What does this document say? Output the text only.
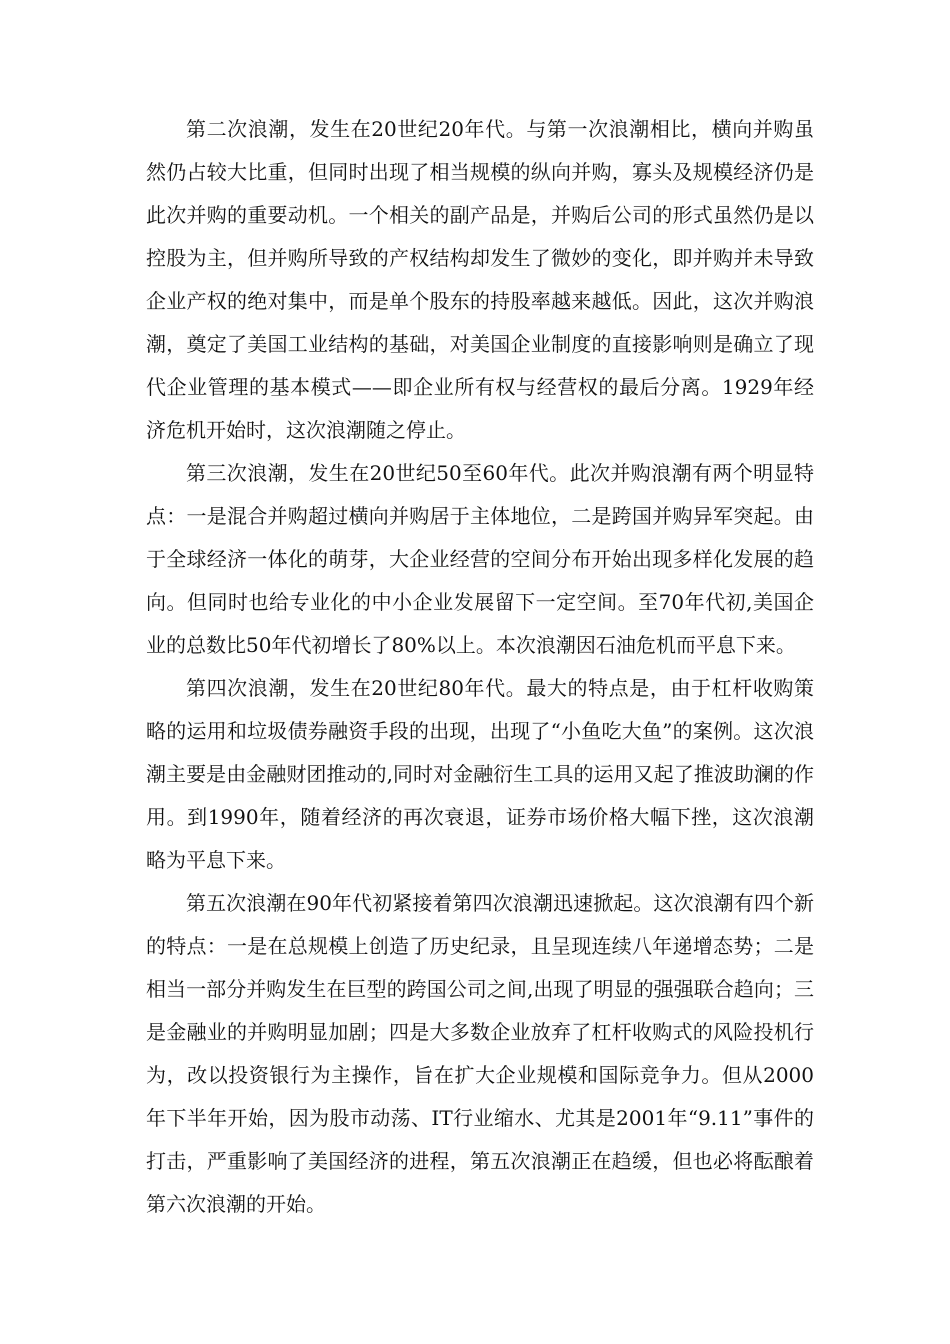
第二次浪潮，发生在20世纪20年代。与第一次浪潮相比，横向并购虽然仍占较大比重，但同时出现了相当规模的纵向并购，寡头及规模经济仍是此次并购的重要动机。一个相关的副产品是，并购后公司的形式虽然仍是以控股为主，但并购所导致的产权结构却发生了微妙的变化，即并购并未导致企业产权的绝对集中，而是单个股东的持股率越来越低。因此，这次并购浪潮，奠定了美国工业结构的基础，对美国企业制度的直接影响则是确立了现代企业管理的基本模式——即企业所有权与经营权的最后分离。1929年经济危机开始时，这次浪潮随之停止。

第三次浪潮，发生在20世纪50至60年代。此次并购浪潮有两个明显特点：一是混合并购超过横向并购居于主体地位，二是跨国并购异军突起。由于全球经济一体化的萌芽，大企业经营的空间分布开始出现多样化发展的趋向。但同时也给专业化的中小企业发展留下一定空间。至70年代初,美国企业的总数比50年代初增长了80%以上。本次浪潮因石油危机而平息下来。

第四次浪潮，发生在20世纪80年代。最大的特点是，由于杠杆收购策略的运用和垃圾债券融资手段的出现，出现了“小鱼吃大鱼”的案例。这次浪潮主要是由金融财团推动的,同时对金融衍生工具的运用又起了推波助澜的作用。到1990年，随着经济的再次衰退，证券市场价格大幅下挫，这次浪潮略为平息下来。

第五次浪潮在90年代初紧接着第四次浪潮迅速掀起。这次浪潮有四个新的特点：一是在总规模上创造了历史纪录，且呈现连续八年递增态势；二是相当一部分并购发生在巨型的跨国公司之间,出现了明显的强强联合趋向；三是金融业的并购明显加剧；四是大多数企业放弃了杠杆收购式的风险投机行为，改以投资银行为主操作，旨在扩大企业规模和国际竞争力。但从2000年下半年开始，因为股市动荡、IT行业缩水、尤其是2001年“9.11”事件的打击，严重影响了美国经济的进程，第五次浪潮正在趋缓，但也必将酝酿着第六次浪潮的开始。
